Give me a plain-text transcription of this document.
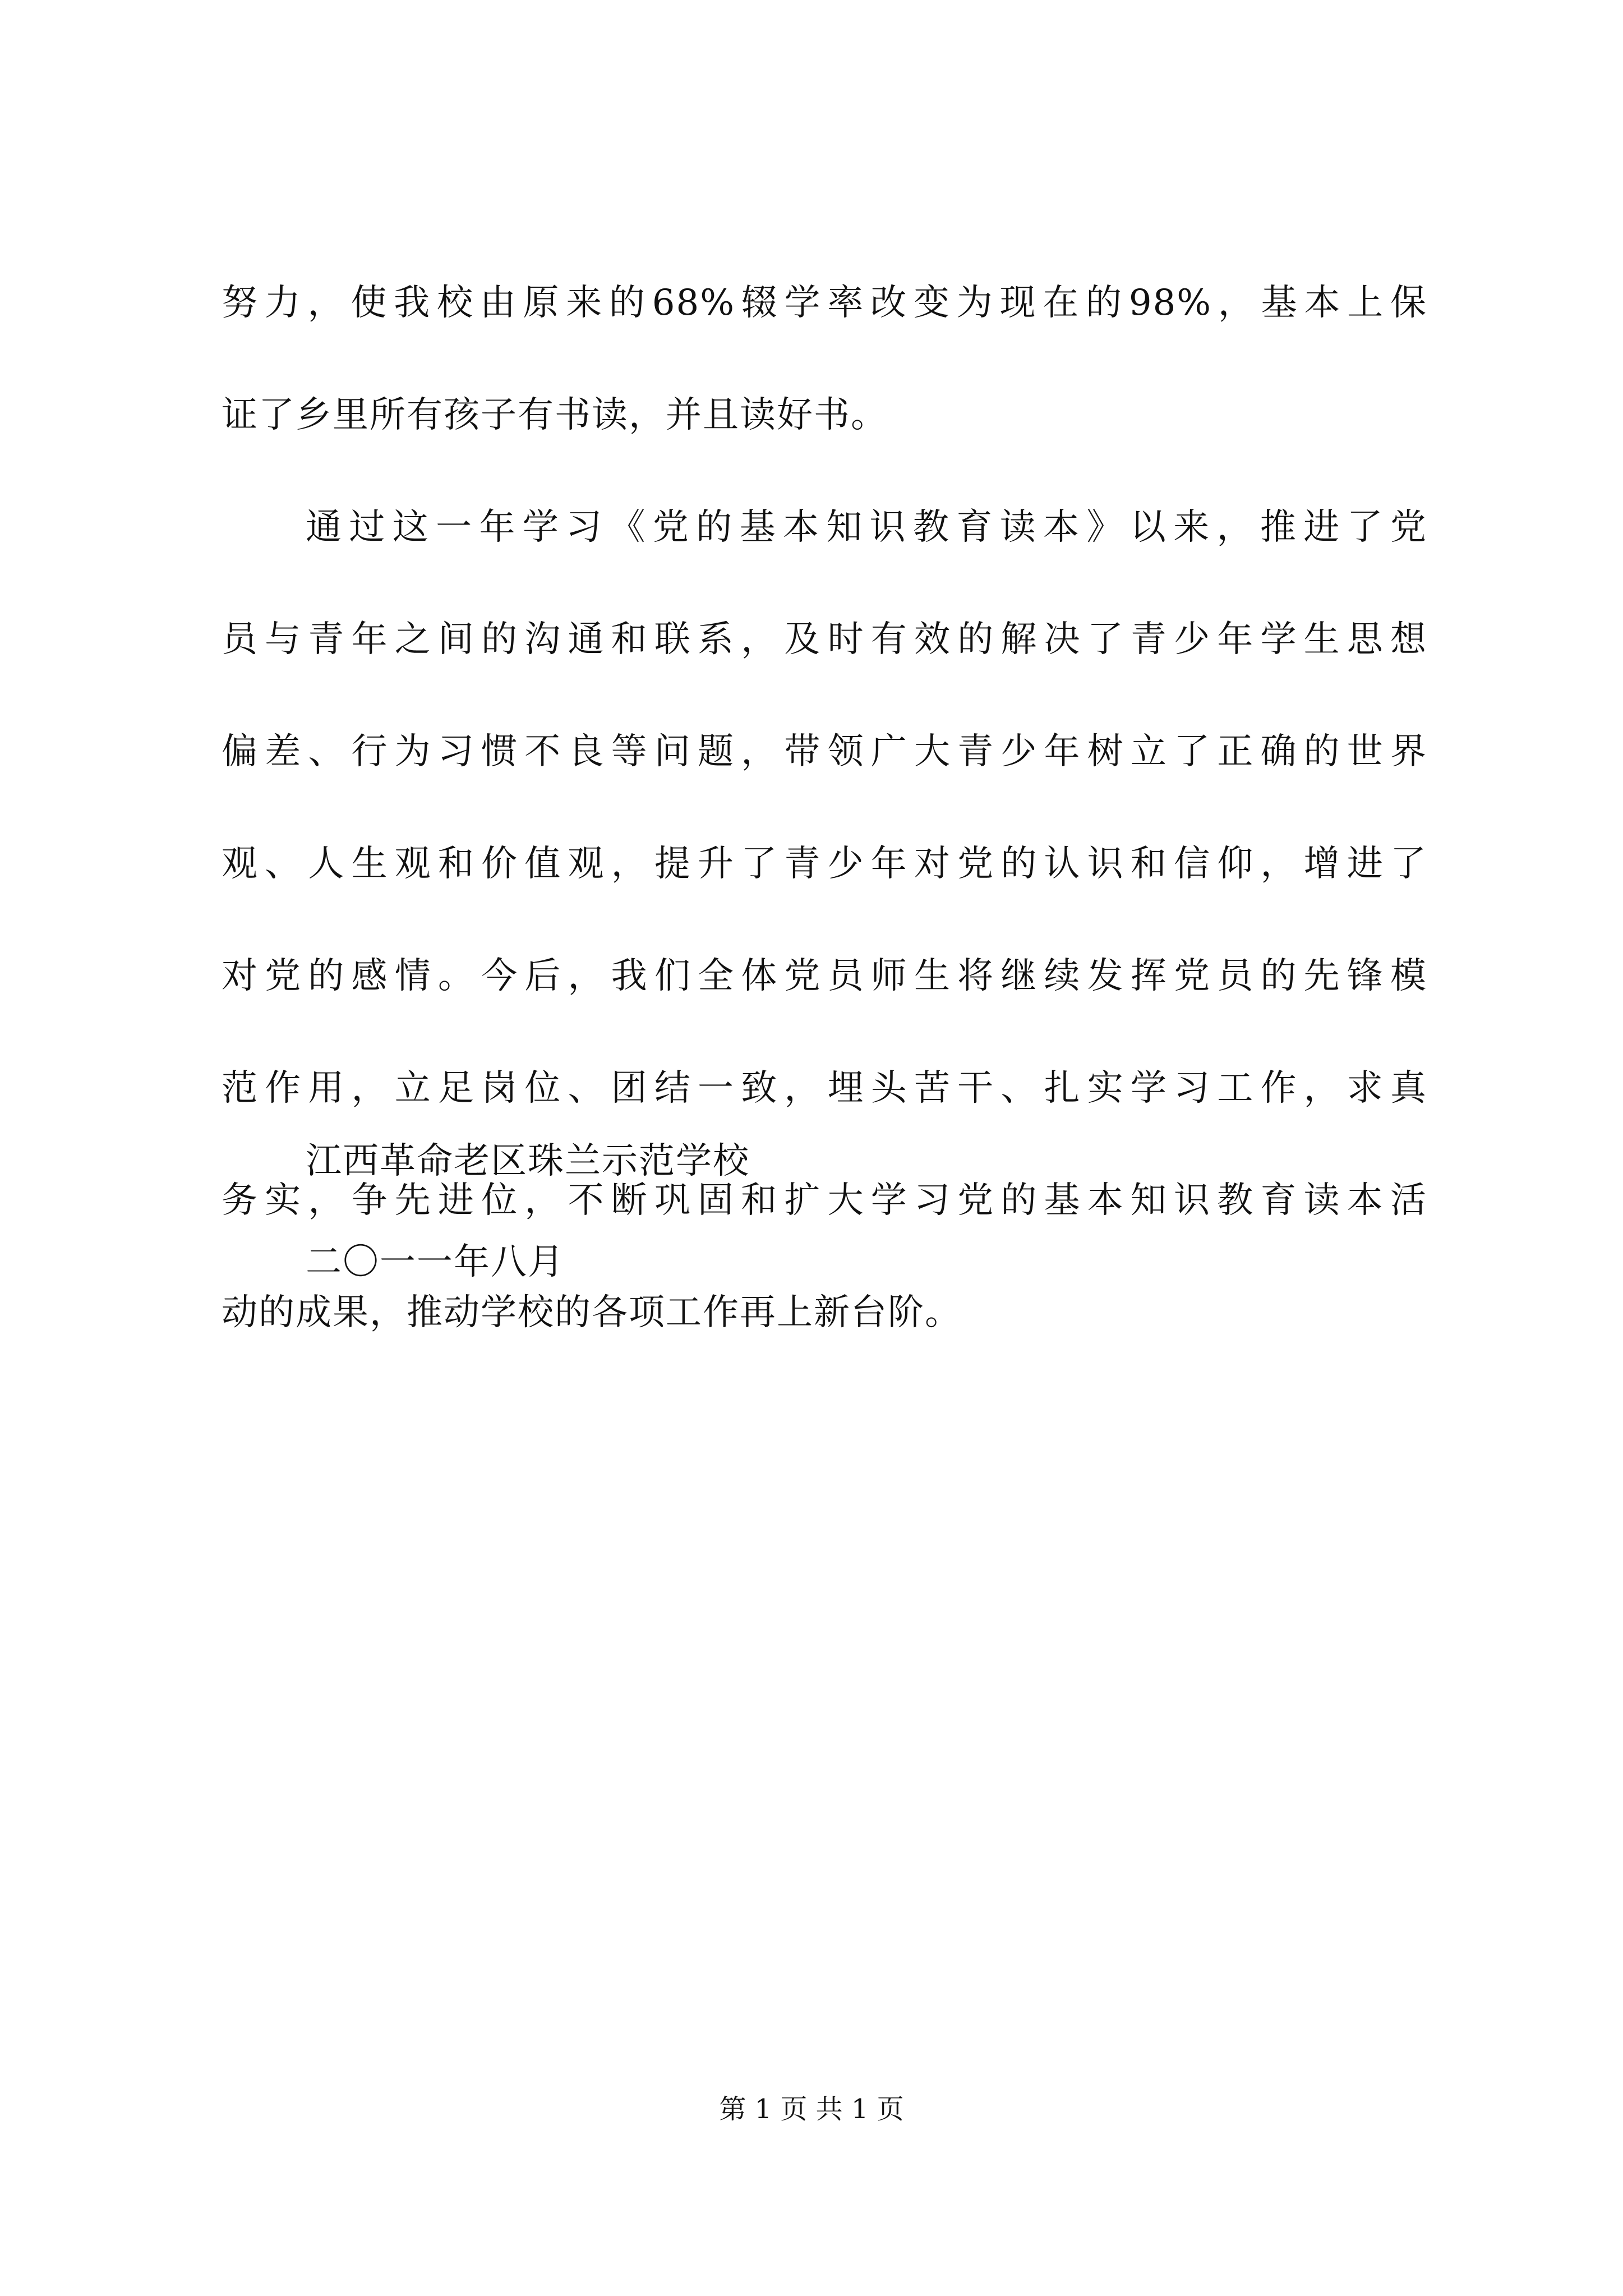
努力，使我校由原来的68%辍学率改变为现在的98%，基本上保
证了乡里所有孩子有书读，并且读好书。
通过这一年学习《党的基本知识教育读本》以来，推进了党
员与青年之间的沟通和联系，及时有效的解决了青少年学生思想
偏差、行为习惯不良等问题，带领广大青少年树立了正确的世界
观、人生观和价值观，提升了青少年对党的认识和信仰，增进了
对党的感情。今后，我们全体党员师生将继续发挥党员的先锋模
范作用，立足岗位、团结一致，埋头苦干、扎实学习工作，求真
务实，争先进位，不断巩固和扩大学习党的基本知识教育读本活
动的成果，推动学校的各项工作再上新台阶。
江西革命老区珠兰示范学校
二〇一一年八月
第 1 页 共 1 页
